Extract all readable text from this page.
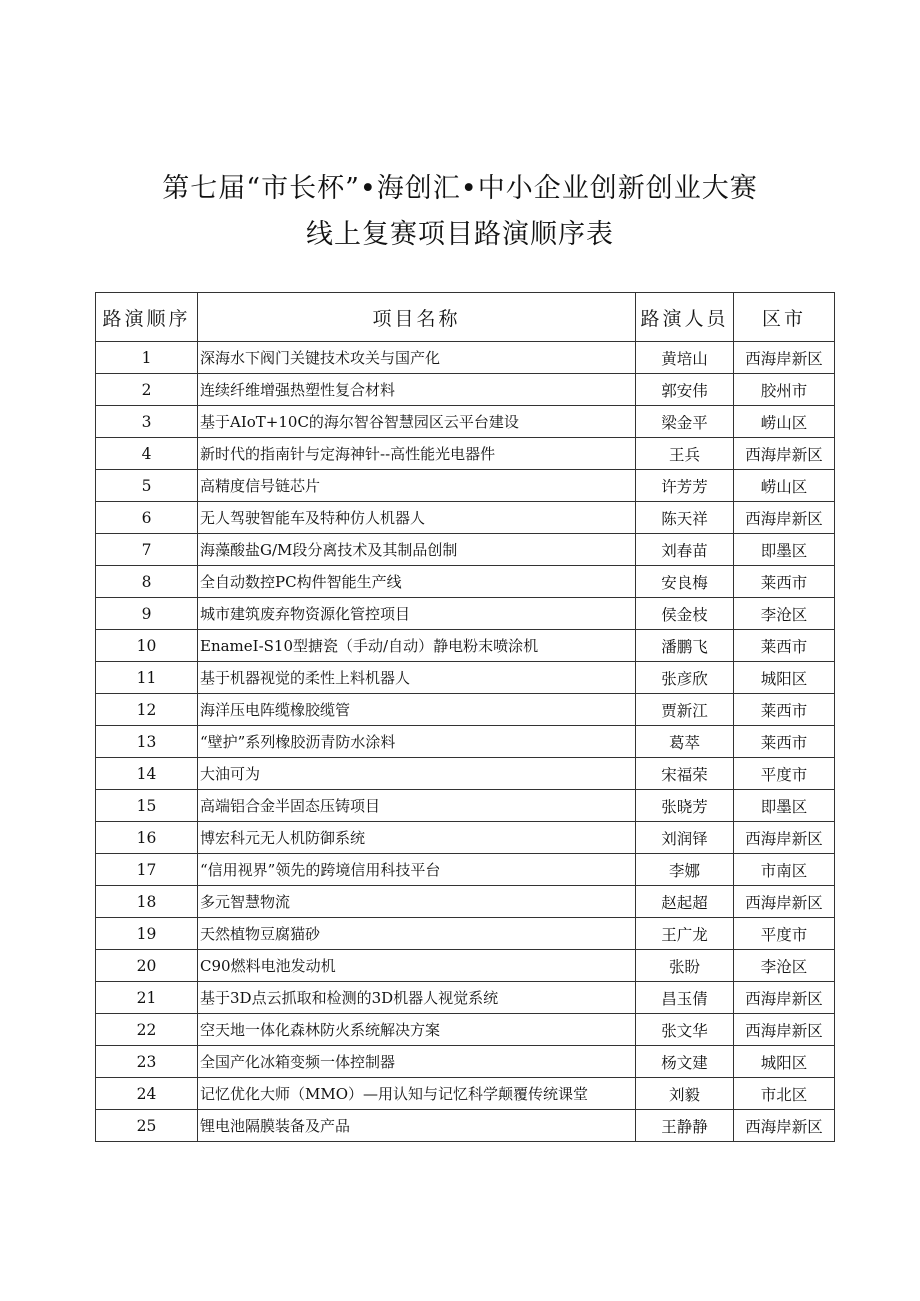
第七届“市长杯”•海创汇•中小企业创新创业大赛
线上复赛项目路演顺序表
路演顺序	项目名称	路演人员	区市
1	深海水下阀门关键技术攻关与国产化	黄培山	西海岸新区
2	连续纤维增强热塑性复合材料	郭安伟	胶州市
3	基于AIoT+10C的海尔智谷智慧园区云平台建设	梁金平	崂山区
4	新时代的指南针与定海神针--高性能光电器件	王兵	西海岸新区
5	高精度信号链芯片	许芳芳	崂山区
6	无人驾驶智能车及特种仿人机器人	陈天祥	西海岸新区
7	海藻酸盐G/M段分离技术及其制品创制	刘春苗	即墨区
8	全自动数控PC构件智能生产线	安良梅	莱西市
9	城市建筑废弃物资源化管控项目	侯金枝	李沧区
10	EnameI-S10型搪瓷（手动/自动）静电粉末喷涂机	潘鹏飞	莱西市
11	基于机器视觉的柔性上料机器人	张彦欣	城阳区
12	海洋压电阵缆橡胶缆管	贾新江	莱西市
13	“壁护”系列橡胶沥青防水涂料	葛萃	莱西市
14	大油可为	宋福荣	平度市
15	高端铝合金半固态压铸项目	张晓芳	即墨区
16	博宏科元无人机防御系统	刘润铎	西海岸新区
17	“信用视界”领先的跨境信用科技平台	李娜	市南区
18	多元智慧物流	赵起超	西海岸新区
19	天然植物豆腐猫砂	王广龙	平度市
20	C90燃料电池发动机	张盼	李沧区
21	基于3D点云抓取和检测的3D机器人视觉系统	昌玉倩	西海岸新区
22	空天地一体化森林防火系统解决方案	张文华	西海岸新区
23	全国产化冰箱变频一体控制器	杨文建	城阳区
24	记忆优化大师（MMO）—用认知与记忆科学颠覆传统课堂	刘毅	市北区
25	锂电池隔膜装备及产品	王静静	西海岸新区
